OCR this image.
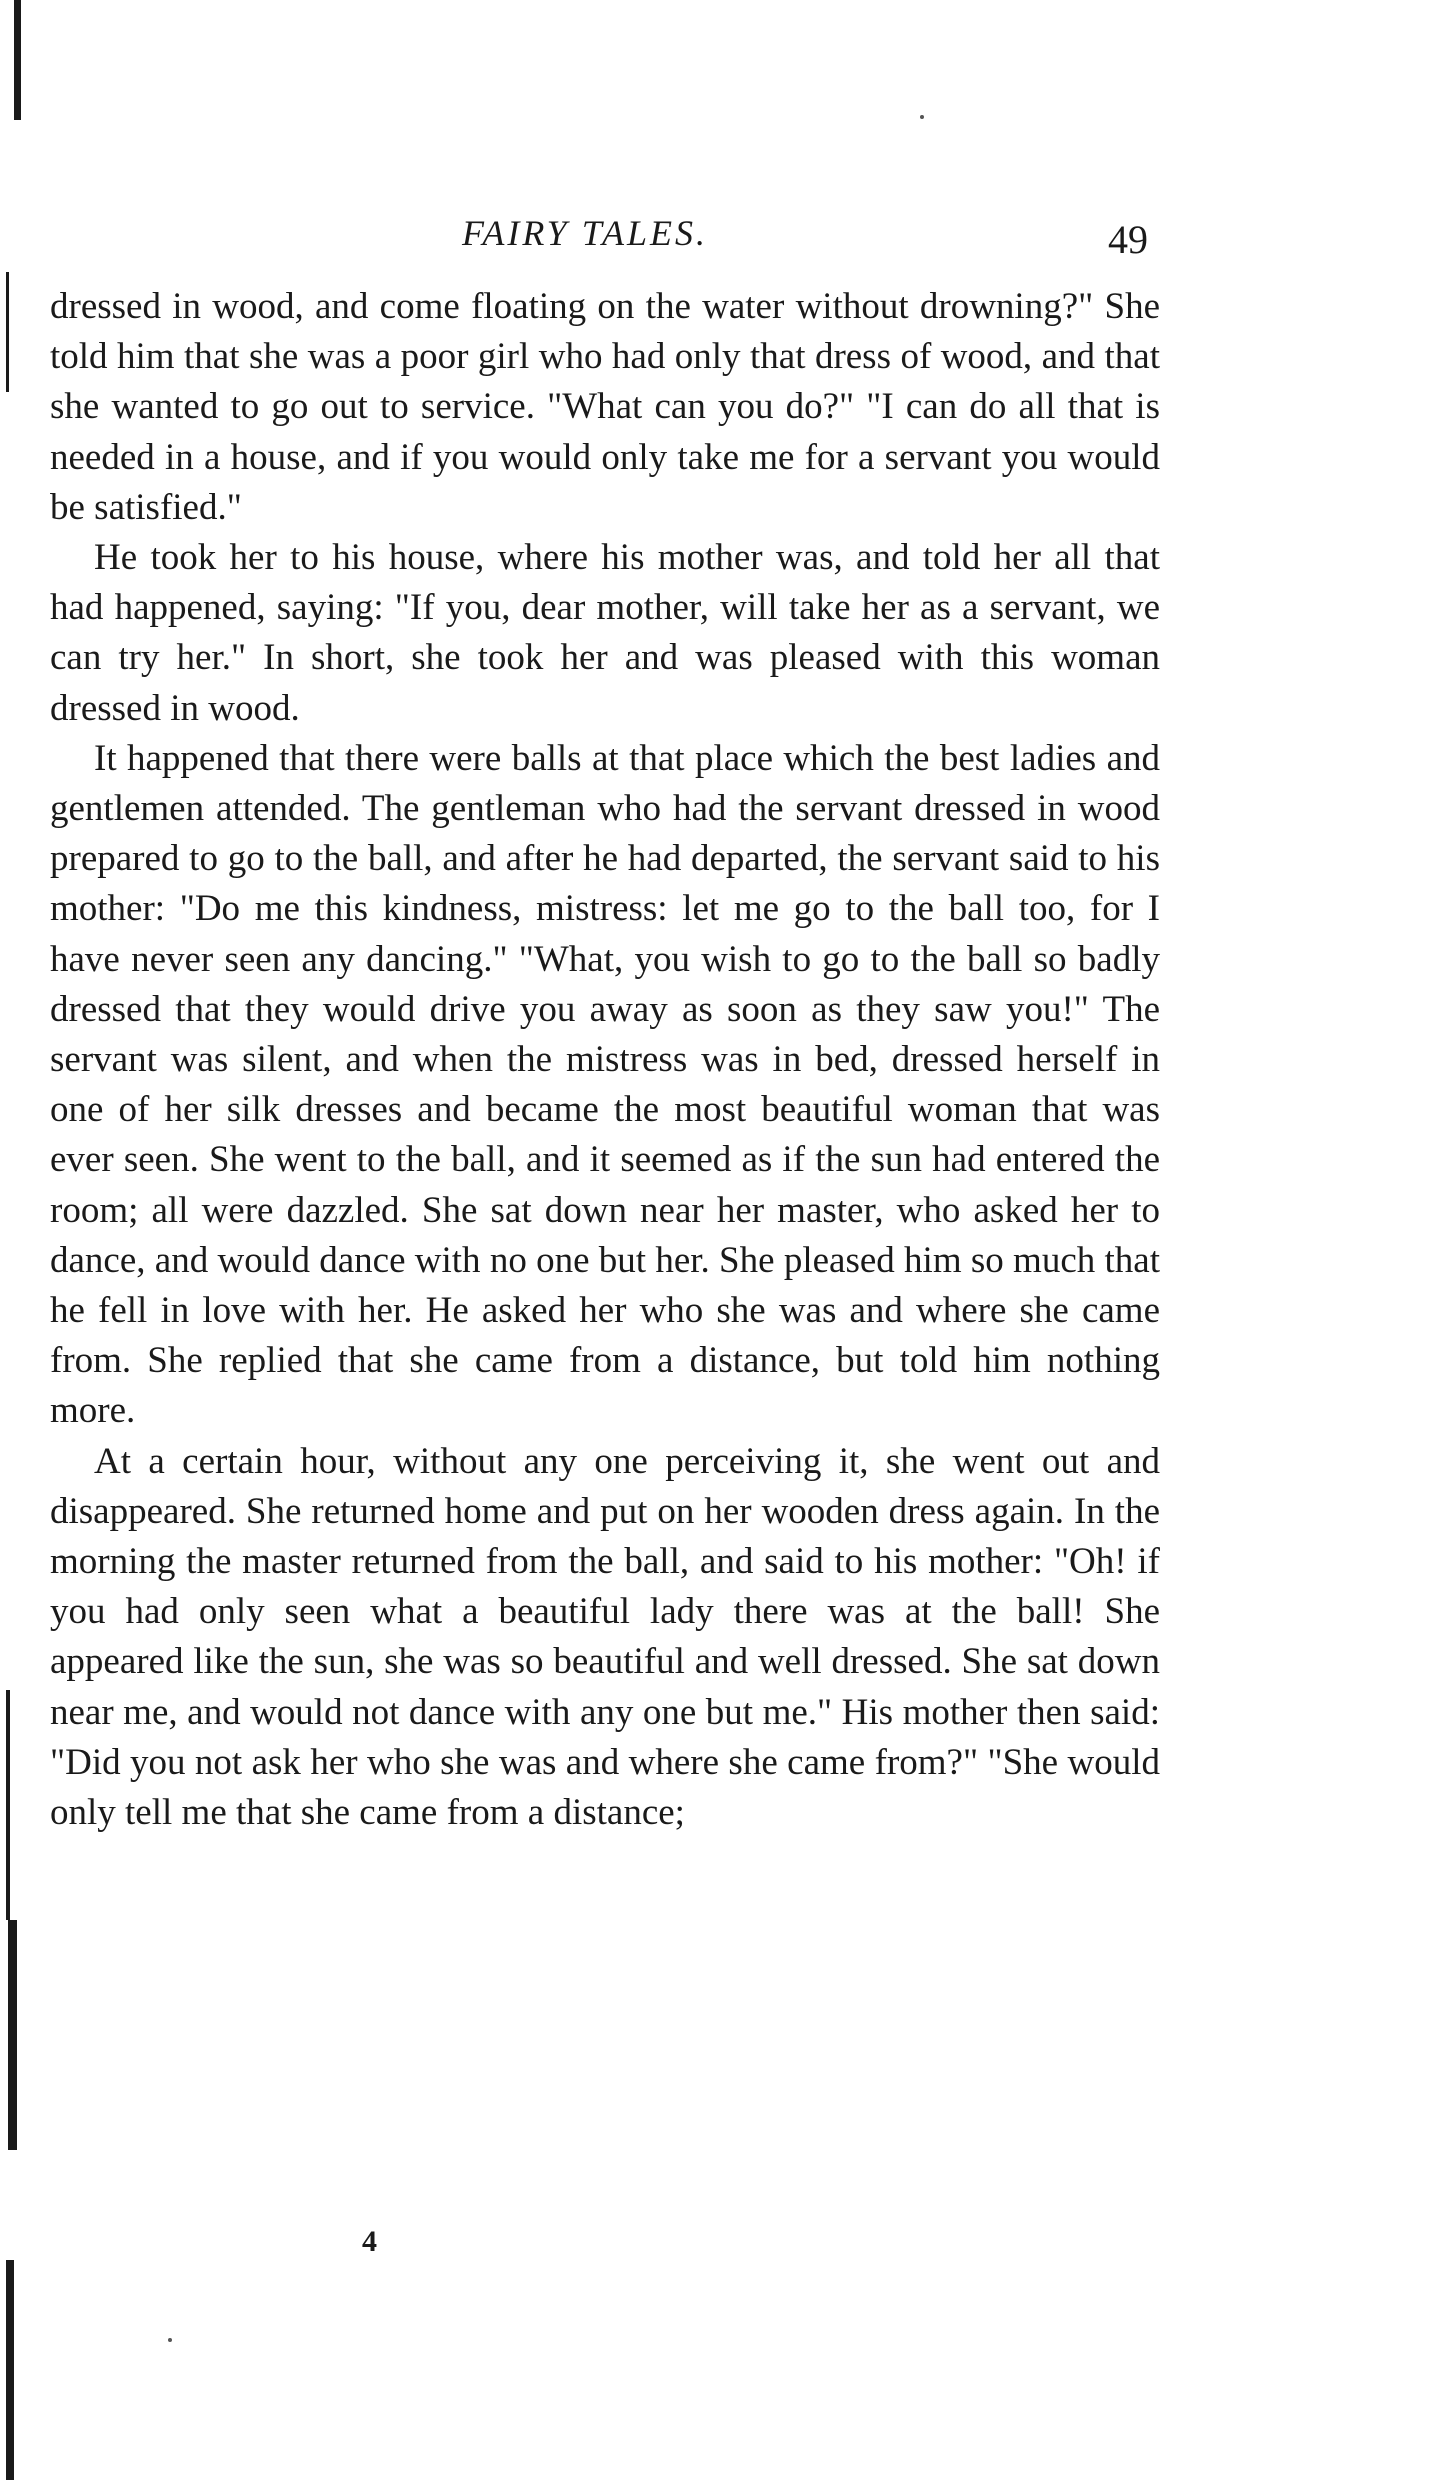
FAIRY TALES.	49

dressed in wood, and come floating on the water without drowning?" She told him that she was a poor girl who had only that dress of wood, and that she wanted to go out to service. "What can you do?" "I can do all that is needed in a house, and if you would only take me for a servant you would be satisfied."

He took her to his house, where his mother was, and told her all that had happened, saying: "If you, dear mother, will take her as a servant, we can try her." In short, she took her and was pleased with this woman dressed in wood.

It happened that there were balls at that place which the best ladies and gentlemen attended. The gentleman who had the servant dressed in wood prepared to go to the ball, and after he had departed, the servant said to his mother: "Do me this kindness, mistress: let me go to the ball too, for I have never seen any dancing." "What, you wish to go to the ball so badly dressed that they would drive you away as soon as they saw you!" The servant was silent, and when the mistress was in bed, dressed herself in one of her silk dresses and became the most beautiful woman that was ever seen. She went to the ball, and it seemed as if the sun had entered the room; all were dazzled. She sat down near her master, who asked her to dance, and would dance with no one but her. She pleased him so much that he fell in love with her. He asked her who she was and where she came from. She replied that she came from a distance, but told him nothing more.

At a certain hour, without any one perceiving it, she went out and disappeared. She returned home and put on her wooden dress again. In the morning the master returned from the ball, and said to his mother: "Oh! if you had only seen what a beautiful lady there was at the ball! She appeared like the sun, she was so beautiful and well dressed. She sat down near me, and would not dance with any one but me." His mother then said: "Did you not ask her who she was and where she came from?" "She would only tell me that she came from a distance;

4
